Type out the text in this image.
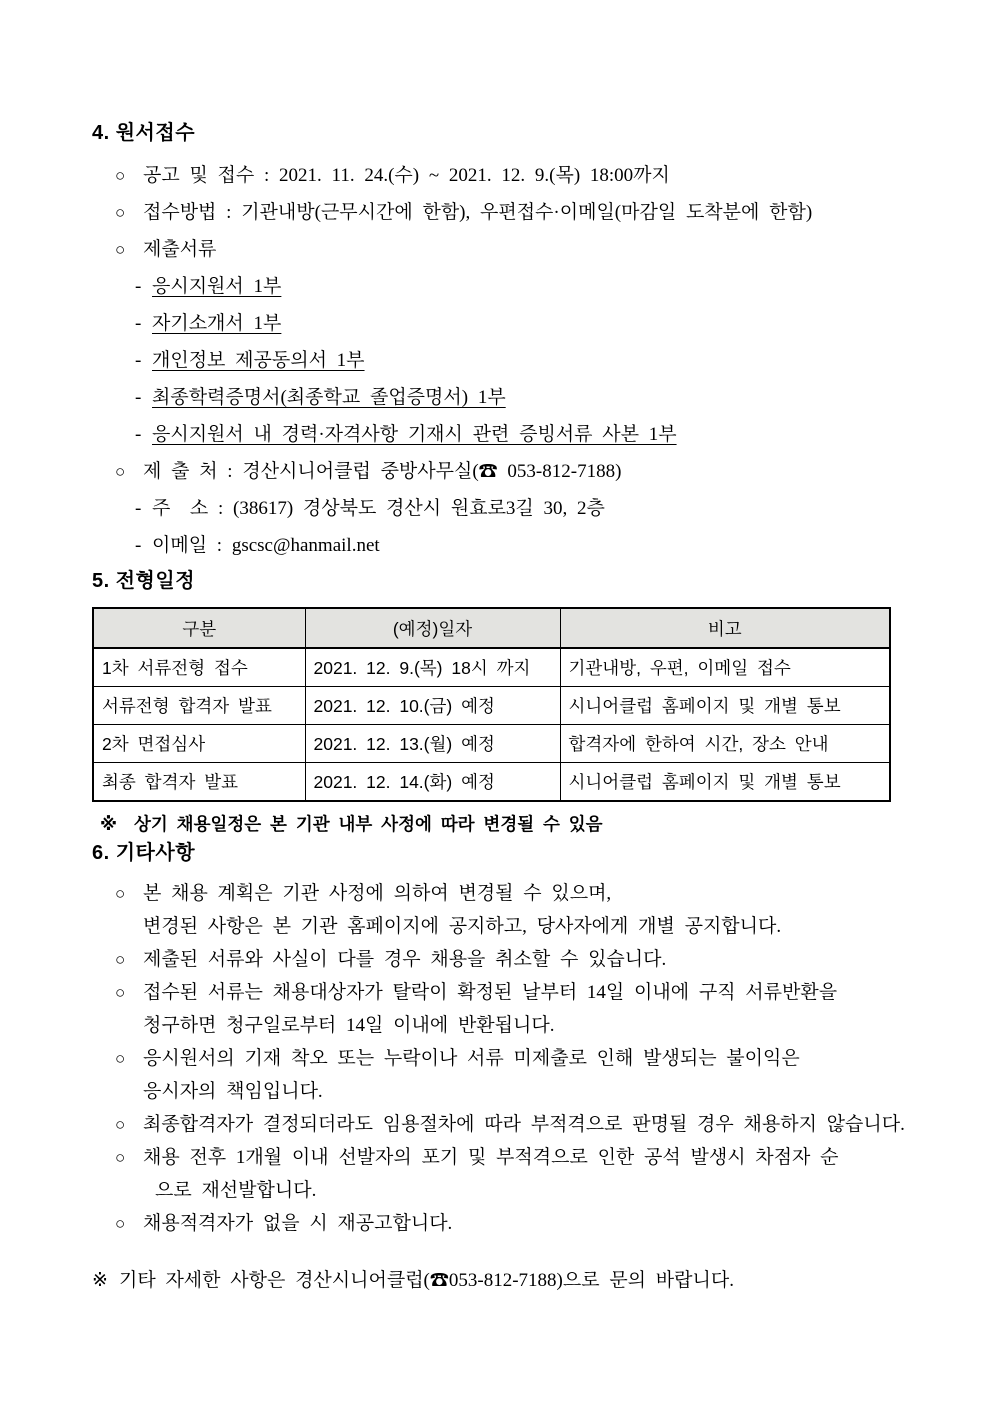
4. 원서접수
○ 공고 및 접수 : 2021. 11. 24.(수) ~ 2021. 12. 9.(목) 18:00까지
○ 접수방법 : 기관내방(근무시간에 한함), 우편접수·이메일(마감일 도착분에 한함)
○ 제출서류
- 응시지원서 1부
- 자기소개서 1부
- 개인정보 제공동의서 1부
- 최종학력증명서(최종학교 졸업증명서) 1부
- 응시지원서 내 경력·자격사항 기재시 관련 증빙서류 사본 1부
○ 제 출 처 : 경산시니어클럽 중방사무실(☎ 053-812-7188)
- 주  소 : (38617) 경상북도 경산시 원효로3길 30, 2층
- 이메일 : gscsc@hanmail.net
5. 전형일정
구분	(예정)일자	비고
1차 서류전형 접수	2021. 12. 9.(목) 18시 까지	기관내방, 우편, 이메일 접수
서류전형 합격자 발표	2021. 12. 10.(금) 예정	시니어클럽 홈페이지 및 개별 통보
2차 면접심사	2021. 12. 13.(월) 예정	합격자에 한하여 시간, 장소 안내
최종 합격자 발표	2021. 12. 14.(화) 예정	시니어클럽 홈페이지 및 개별 통보
※ 상기 채용일정은 본 기관 내부 사정에 따라 변경될 수 있음
6. 기타사항
○ 본 채용 계획은 기관 사정에 의하여 변경될 수 있으며,
변경된 사항은 본 기관 홈페이지에 공지하고, 당사자에게 개별 공지합니다.
○ 제출된 서류와 사실이 다를 경우 채용을 취소할 수 있습니다.
○ 접수된 서류는 채용대상자가 탈락이 확정된 날부터 14일 이내에 구직 서류반환을
청구하면 청구일로부터 14일 이내에 반환됩니다.
○ 응시원서의 기재 착오 또는 누락이나 서류 미제출로 인해 발생되는 불이익은
응시자의 책임입니다.
○ 최종합격자가 결정되더라도 임용절차에 따라 부적격으로 판명될 경우 채용하지 않습니다.
○ 채용 전후 1개월 이내 선발자의 포기 및 부적격으로 인한 공석 발생시 차점자 순
으로 재선발합니다.
○ 채용적격자가 없을 시 재공고합니다.
※ 기타 자세한 사항은 경산시니어클럽(☎053-812-7188)으로 문의 바랍니다.
